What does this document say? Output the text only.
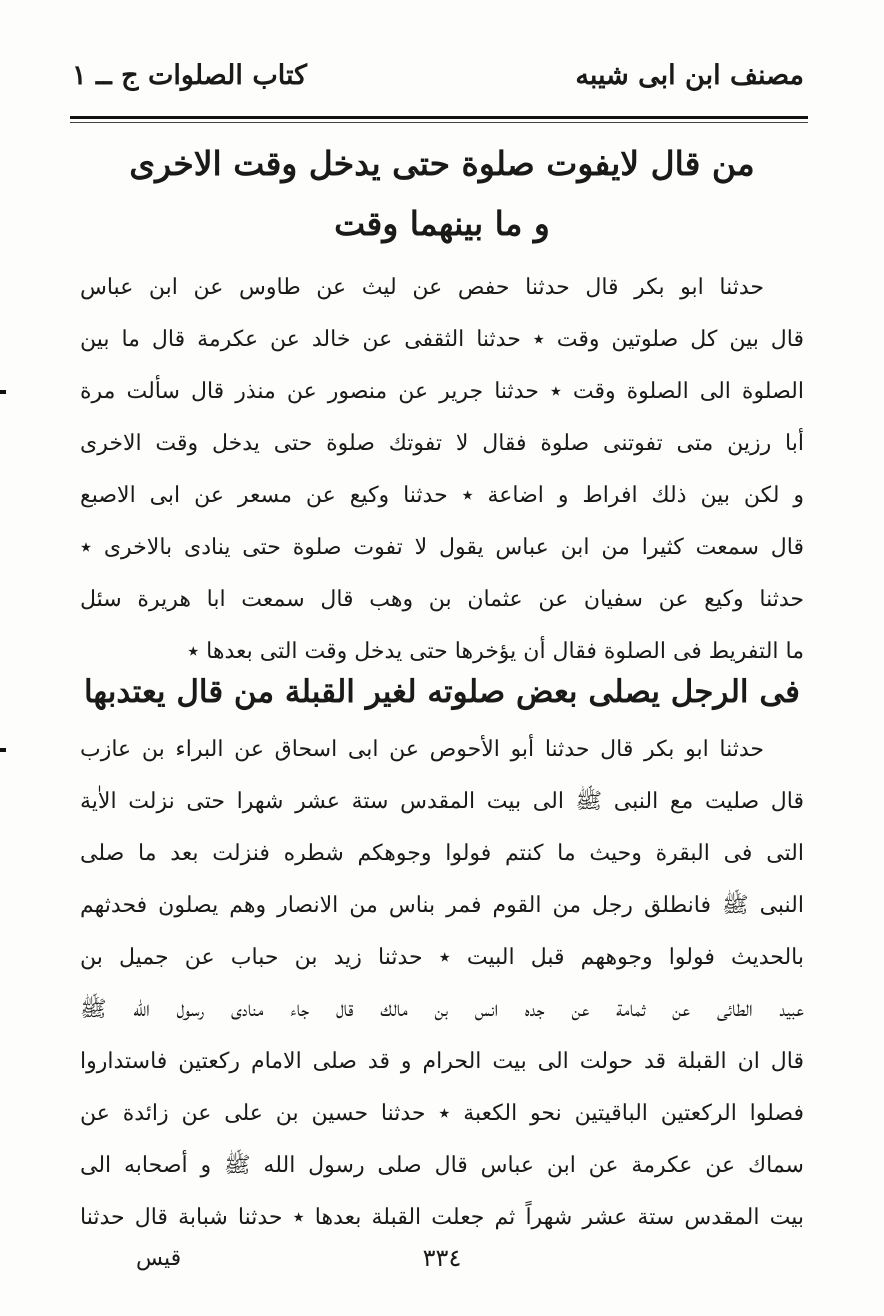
مصنف ابن ابى شيبه
كتاب الصلوات ج ــ ١
من قال لايفوت صلوة حتى يدخل وقت الاخرى
و ما بينهما وقت
حدثنا ابو بكر قال حدثنا حفص عن ليث عن طاوس عن ابن عباس
قال بين كل صلوتين وقت ٭ حدثنا الثقفى عن خالد عن عكرمة قال ما بين
الصلوة الى الصلوة وقت ٭ حدثنا جرير عن منصور عن منذر قال سألت مرة
أبا رزين متى تفوتنى صلوة فقال لا تفوتك صلوة حتى يدخل وقت الاخرى
و لكن بين ذلك افراط و اضاعة ٭ حدثنا وكيع عن مسعر عن ابى الاصبع
قال سمعت كثيرا من ابن عباس يقول لا تفوت صلوة حتى ينادى بالاخرى ٭
حدثنا وكيع عن سفيان عن عثمان بن وهب قال سمعت ابا هريرة سئل
ما التفريط فى الصلوة فقال أن يؤخرها حتى يدخل وقت التى بعدها ٭
فى الرجل يصلى بعض صلوته لغير القبلة من قال يعتدبها
حدثنا ابو بكر قال حدثنا أبو الأحوص عن ابى اسحاق عن البراء بن عازب
قال صليت مع النبى ﷺ الى بيت المقدس ستة عشر شهرا حتى نزلت الاٰية
التى فى البقرة وحيث ما كنتم فولوا وجوهكم شطره فنزلت بعد ما صلى
النبى ﷺ فانطلق رجل من القوم فمر بناس من الانصار وهم يصلون فحدثهم
بالحديث فولوا وجوههم قبل البيت ٭ حدثنا زيد بن حباب عن جميل بن
عبيد الطائى عن ثمامة عن جده انس بن مالك قال جاء منادى رسول الله ﷺ
قال ان القبلة قد حولت الى بيت الحرام و قد صلى الامام ركعتين فاستداروا
فصلوا الركعتين الباقيتين نحو الكعبة ٭ حدثنا حسين بن على عن زائدة عن
سماك عن عكرمة عن ابن عباس قال صلى رسول الله ﷺ و أصحابه الى
بيت المقدس ستة عشر شهراً ثم جعلت القبلة بعدها ٭ حدثنا شبابة قال حدثنا
٣٣٤
قيس
